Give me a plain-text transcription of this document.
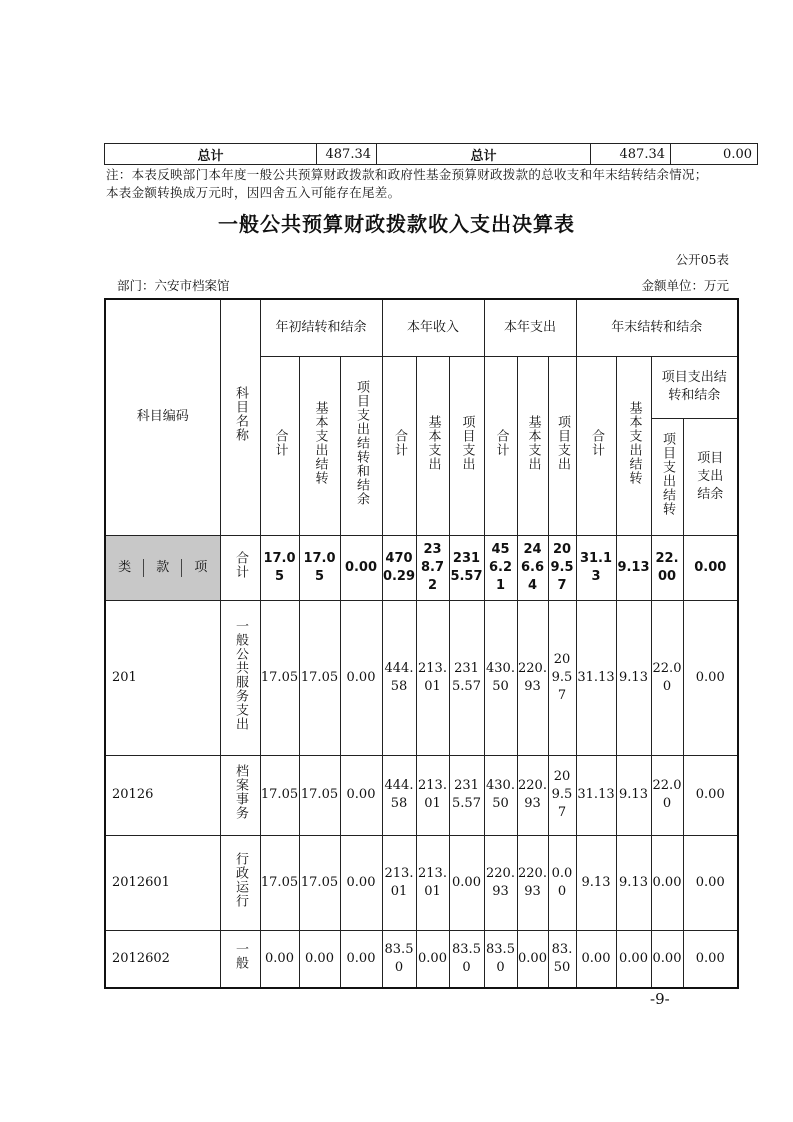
总计	487.34	总计	487.34	0.00
注：本表反映部门本年度一般公共预算财政拨款和政府性基金预算财政拨款的总收支和年末结转结余情况；本表金额转换成万元时，因四舍五入可能存在尾差。
一般公共预算财政拨款收入支出决算表
公开05表
部门：六安市档案馆	金额单位：万元
科目编码	科目名称	年初结转和结余			本年收入			本年支出			年末结转和结余			
		合计	基本支出结转	项目支出结转和结余	合计	基本支出	项目支出	合计	基本支出	项目支出	合计	基本支出结转	项目支出结转和结余	
													项目支出结转	项目支出结余

类 款 项	合计	17.05	17.05	0.00	4700.29	238.72	2315.57	456.21	246.64	209.57	31.13	9.13	22.00	0.00
201	一般公共服务支出	17.05	17.05	0.00	444.58	213.01	2315.57	430.50	220.93	209.57	31.13	9.13	22.00	0.00
20126	档案事务	17.05	17.05	0.00	444.58	213.01	2315.57	430.50	220.93	209.57	31.13	9.13	22.00	0.00
2012601	行政运行	17.05	17.05	0.00	213.01	213.01	0.00	220.93	220.93	0.00	9.13	9.13	0.00	0.00
2012602	一般	0.00	0.00	0.00	83.50	0.00	83.50	83.50	0.00	83.50	0.00	0.00	0.00	0.00
-9-
